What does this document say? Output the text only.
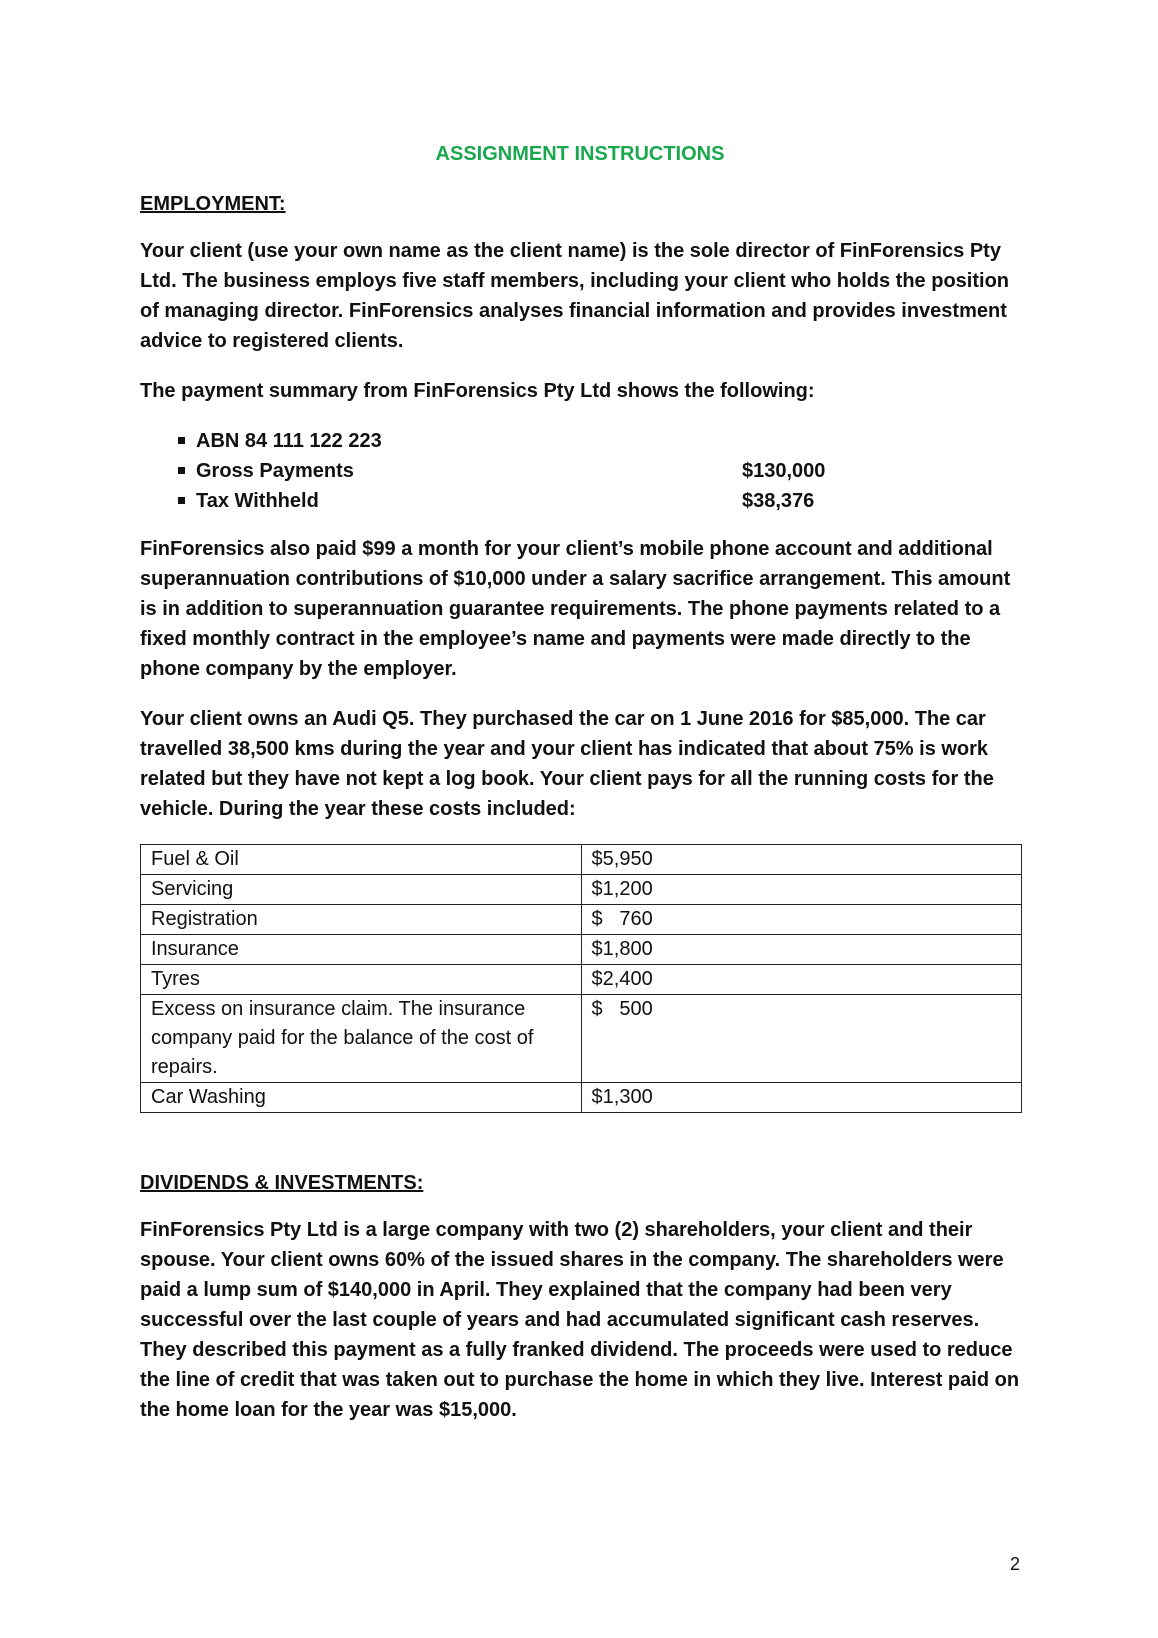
ASSIGNMENT INSTRUCTIONS
EMPLOYMENT:

Your client (use your own name as the client name) is the sole director of FinForensics Pty Ltd. The business employs five staff members, including your client who holds the position of managing director. FinForensics analyses financial information and provides investment advice to registered clients.

The payment summary from FinForensics Pty Ltd shows the following:

ABN 84 111 122 223
Gross Payments	$130,000
Tax Withheld	$38,376

FinForensics also paid $99 a month for your client’s mobile phone account and additional superannuation contributions of $10,000 under a salary sacrifice arrangement. This amount is in addition to superannuation guarantee requirements. The phone payments related to a fixed monthly contract in the employee’s name and payments were made directly to the phone company by the employer.

Your client owns an Audi Q5. They purchased the car on 1 June 2016 for $85,000. The car travelled 38,500 kms during the year and your client has indicated that about 75% is work related but they have not kept a log book. Your client pays for all the running costs for the vehicle. During the year these costs included:

Fuel & Oil	$5,950
Servicing	$1,200
Registration	$   760
Insurance	$1,800
Tyres	$2,400
Excess on insurance claim. The insurance company paid for the balance of the cost of repairs.	$   500
Car Washing	$1,300
DIVIDENDS & INVESTMENTS:

FinForensics Pty Ltd is a large company with two (2) shareholders, your client and their spouse. Your client owns 60% of the issued shares in the company. The shareholders were paid a lump sum of $140,000 in April. They explained that the company had been very successful over the last couple of years and had accumulated significant cash reserves. They described this payment as a fully franked dividend. The proceeds were used to reduce the line of credit that was taken out to purchase the home in which they live. Interest paid on the home loan for the year was $15,000.

2
